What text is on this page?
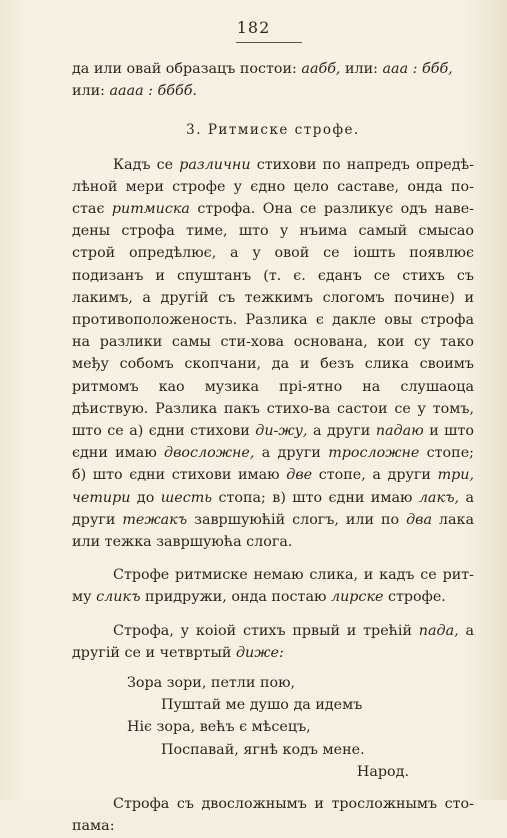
182

да или овай образацъ постои: аабб, или: ааа : ббб,
или: аааа : бббб.

3. Ритмиске строфе.

Кадъ се различни стихови по напредъ опредѣ-лѣной мери строфе у єдно цело саставе, онда по-стає ритмиска строфа. Она се разликує одъ наве-дены строфа тиме, што у нъима самый смысао строй опредѣлює, а у овой се іошть появлює подизанъ и спуштанъ (т. є. єданъ се стихъ съ лакимъ, а другій съ тежкимъ слогомъ почине) и противоположеность. Разлика є дакле овы строфа на разлики самы сти-хова основана, кои су тако међу собомъ скопчани, да и безъ слика своимъ ритмомъ као музика прі-ятно на слушаоца дѣиствую. Разлика пакъ стихо-ва састои се у томъ, што се а) єдни стихови ди-жу, а други падаю и што єдни имаю двосложне, а други тросложне стопе; б) што єдни стихови имаю две стопе, а други три, четири до шесть стопа; в) што єдни имаю лакъ, а други тежакъ завршуюћій слогъ, или по два лака или тежка завршуюћа слога.

Строфе ритмиске немаю слика, и кадъ се рит-му сликъ придружи, онда постаю лирске строфе.

Строфа, у коіой стихъ првый и трећій пада, а другій се и четвртый диже:

Зора зори, петли пою,
Пуштай ме душо да идемъ
Ніє зора, већъ є мѣсецъ,
Поспавай, ягнѣ кодъ мене.
Народ.

Строфа съ двосложнымъ и тросложнымъ сто-пама:
